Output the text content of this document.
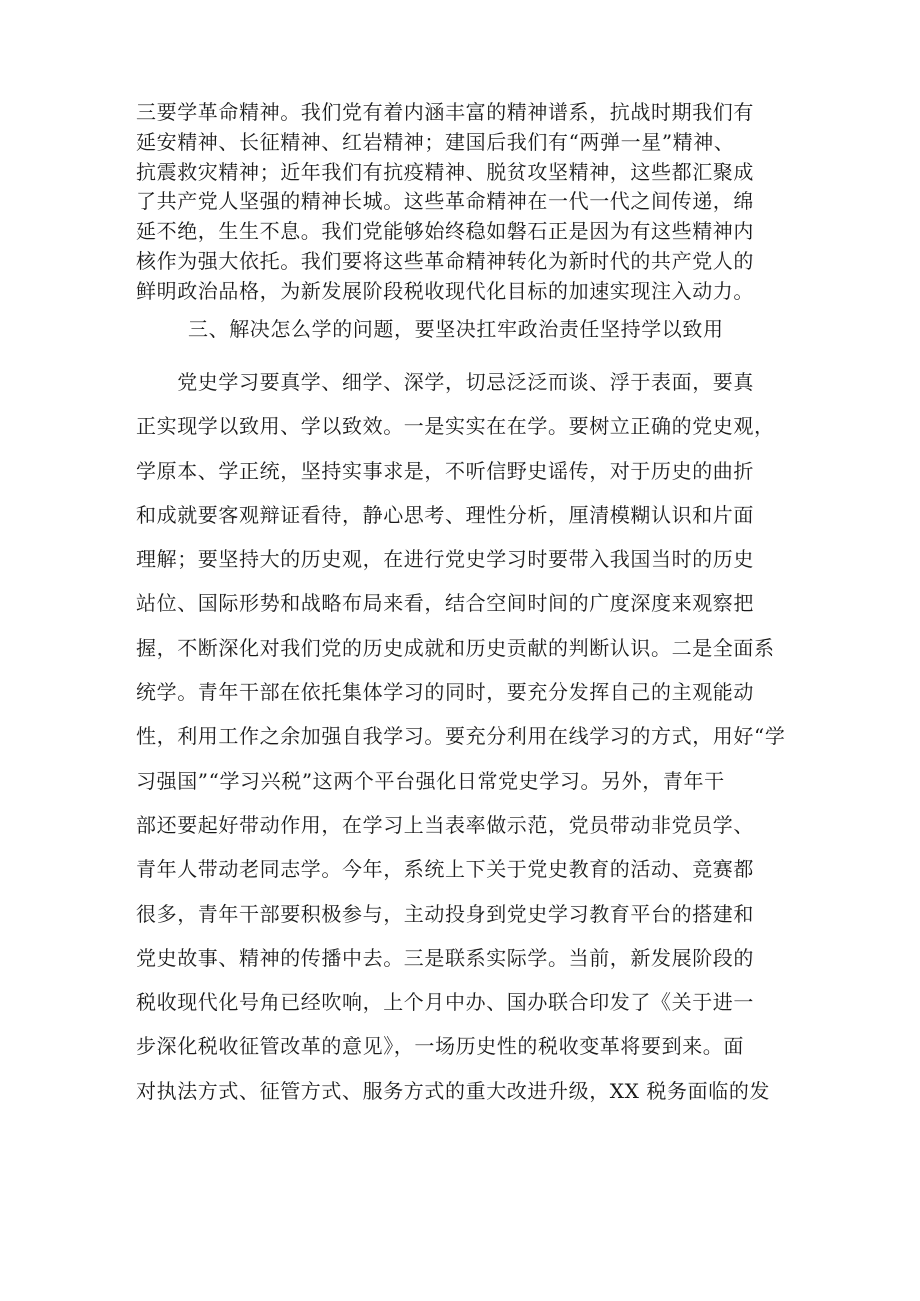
三要学革命精神。我们党有着内涵丰富的精神谱系，抗战时期我们有
延安精神、长征精神、红岩精神；建国后我们有“两弹一星”精神、
抗震救灾精神；近年我们有抗疫精神、脱贫攻坚精神，这些都汇聚成
了共产党人坚强的精神长城。这些革命精神在一代一代之间传递，绵
延不绝，生生不息。我们党能够始终稳如磐石正是因为有这些精神内
核作为强大依托。我们要将这些革命精神转化为新时代的共产党人的
鲜明政治品格，为新发展阶段税收现代化目标的加速实现注入动力。
三、解决怎么学的问题，要坚决扛牢政治责任坚持学以致用
　　党史学习要真学、细学、深学，切忌泛泛而谈、浮于表面，要真
正实现学以致用、学以致效。一是实实在在学。要树立正确的党史观，
学原本、学正统，坚持实事求是，不听信野史谣传，对于历史的曲折
和成就要客观辩证看待，静心思考、理性分析，厘清模糊认识和片面
理解；要坚持大的历史观，在进行党史学习时要带入我国当时的历史
站位、国际形势和战略布局来看，结合空间时间的广度深度来观察把
握，不断深化对我们党的历史成就和历史贡献的判断认识。二是全面系
统学。青年干部在依托集体学习的同时，要充分发挥自己的主观能动
性，利用工作之余加强自我学习。要充分利用在线学习的方式，用好“学
习强国”“学习兴税”这两个平台强化日常党史学习。另外，青年干
部还要起好带动作用，在学习上当表率做示范，党员带动非党员学、
青年人带动老同志学。今年，系统上下关于党史教育的活动、竞赛都
很多，青年干部要积极参与，主动投身到党史学习教育平台的搭建和
党史故事、精神的传播中去。三是联系实际学。当前，新发展阶段的
税收现代化号角已经吹响，上个月中办、国办联合印发了《关于进一
步深化税收征管改革的意见》，一场历史性的税收变革将要到来。面
对执法方式、征管方式、服务方式的重大改进升级，XX 税务面临的发
